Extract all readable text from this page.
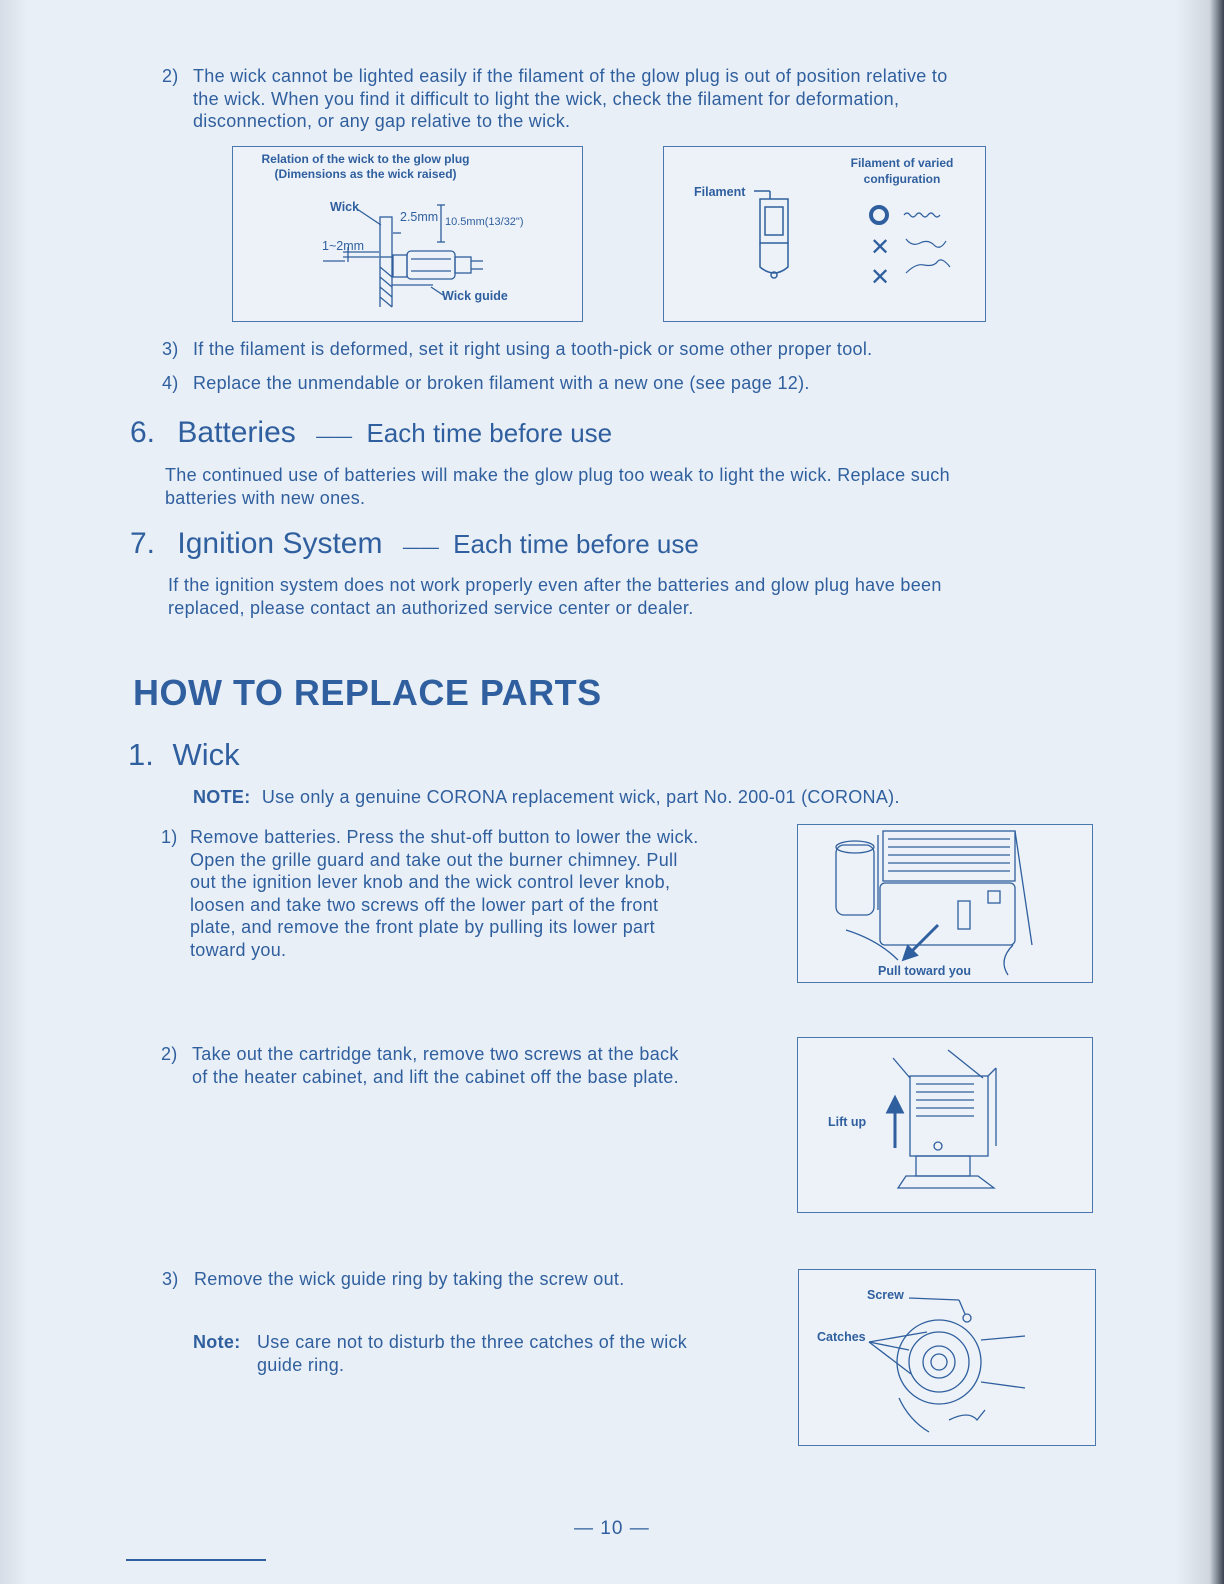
2) The wick cannot be lighted easily if the filament of the glow plug is out of position relative to

the wick. When you find it difficult to light the wick, check the filament for deformation,

disconnection, or any gap relative to the wick.

Relation of the wick to the glow plug
(Dimensions as the wick raised)
Wick
2.5mm 10.5mm(13/32")
1~2mm
Wick guide
Filament
Filament of varied
configuration
✕
✕
3) If the filament is deformed, set it right using a tooth-pick or some other proper tool.

4) Replace the unmendable or broken filament with a new one (see page 12).

6. Batteries —— Each time before use

The continued use of batteries will make the glow plug too weak to light the wick. Replace such

batteries with new ones.

7. Ignition System —— Each time before use

If the ignition system does not work properly even after the batteries and glow plug have been

replaced, please contact an authorized service center or dealer.

HOW TO REPLACE PARTS
1. Wick
NOTE: Use only a genuine CORONA replacement wick, part No. 200-01 (CORONA).
1) Remove batteries. Press the shut-off button to lower the wick.

Open the grille guard and take out the burner chimney. Pull

out the ignition lever knob and the wick control lever knob,

loosen and take two screws off the lower part of the front

plate, and remove the front plate by pulling its lower part

toward you.

Pull toward you
2) Take out the cartridge tank, remove two screws at the back

of the heater cabinet, and lift the cabinet off the base plate.

Lift up
3) Remove the wick guide ring by taking the screw out.

Note: Use care not to disturb the three catches of the wick

guide ring.

Screw
Catches
— 10 —
